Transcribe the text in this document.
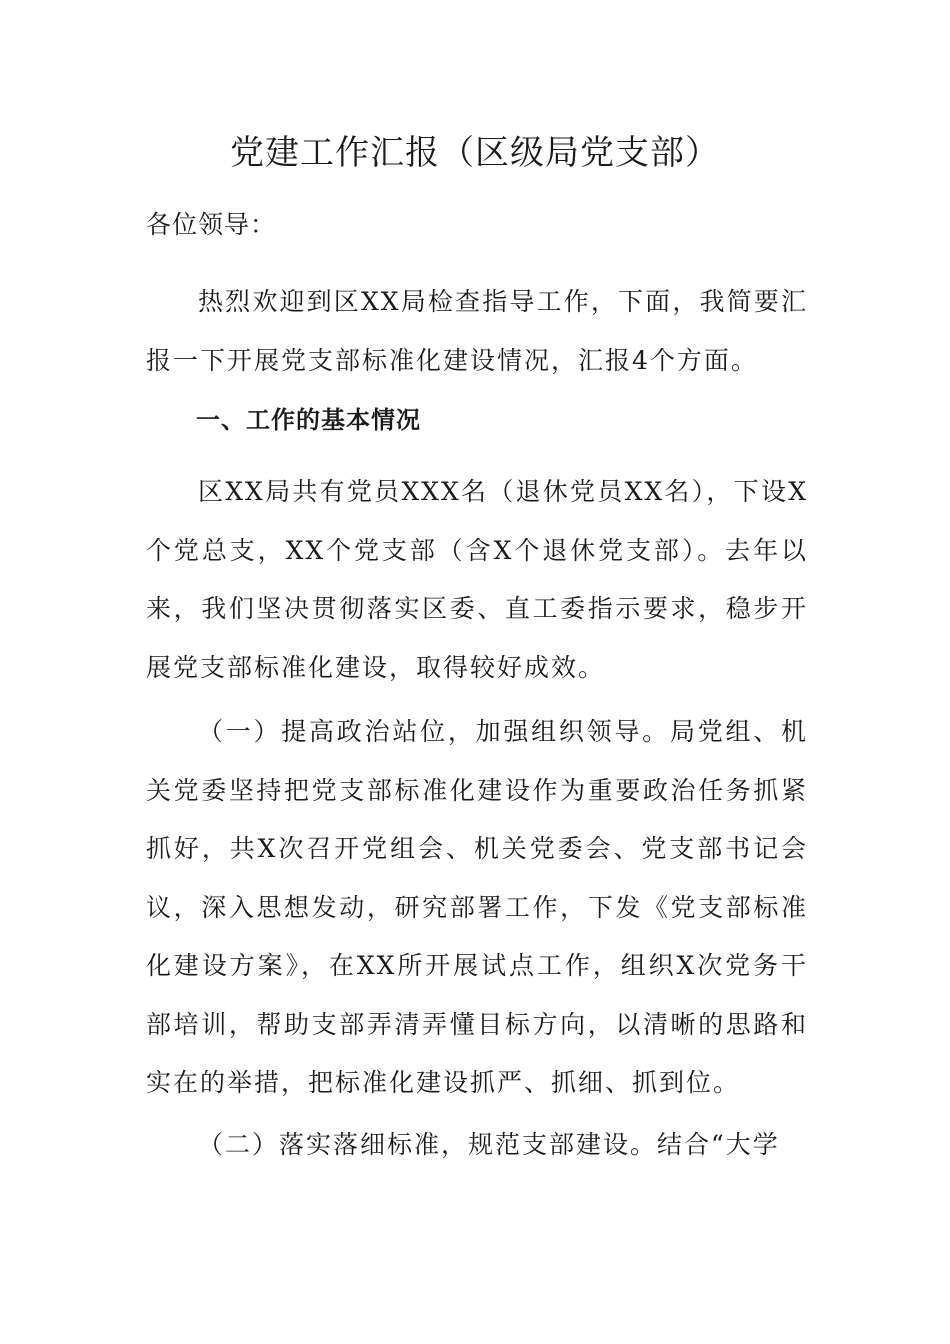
党建工作汇报（区级局党支部）
各位领导：

热烈欢迎到区XX局检查指导工作，下面，我简要汇报一下开展党支部标准化建设情况，汇报4个方面。

一、工作的基本情况

区XX局共有党员XXX名（退休党员XX名），下设X个党总支，XX个党支部（含X个退休党支部）。去年以来，我们坚决贯彻落实区委、直工委指示要求，稳步开展党支部标准化建设，取得较好成效。

（一）提高政治站位，加强组织领导。局党组、机关党委坚持把党支部标准化建设作为重要政治任务抓紧抓好，共X次召开党组会、机关党委会、党支部书记会议，深入思想发动，研究部署工作，下发《党支部标准化建设方案》，在XX所开展试点工作，组织X次党务干部培训，帮助支部弄清弄懂目标方向，以清晰的思路和实在的举措，把标准化建设抓严、抓细、抓到位。

（二）落实落细标准，规范支部建设。结合“大学
